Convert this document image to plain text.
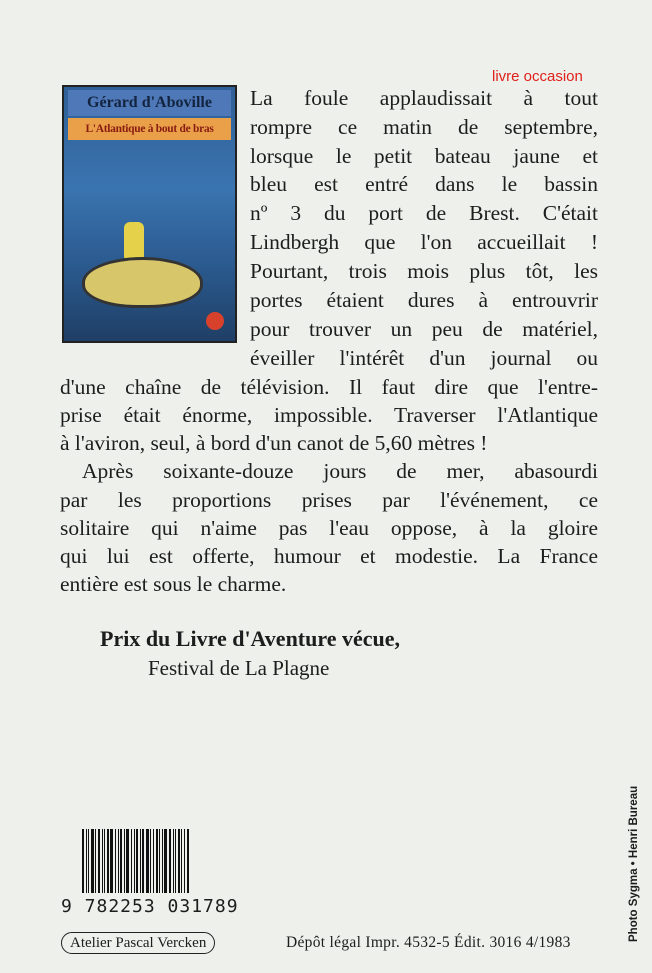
livre occasion
Gérard d'Aboville
L'Atlantique à bout de bras
La foule applaudissait à tout
rompre ce matin de septembre,
lorsque le petit bateau jaune et
bleu est entré dans le bassin
nº 3 du port de Brest. C'était
Lindbergh que l'on accueillait !
Pourtant, trois mois plus tôt, les
portes étaient dures à entrouvrir
pour trouver un peu de matériel,
éveiller l'intérêt d'un journal ou
d'une chaîne de télévision. Il faut dire que l'entre-
prise était énorme, impossible. Traverser l'Atlantique
à l'aviron, seul, à bord d'un canot de 5,60 mètres !
Après soixante-douze jours de mer, abasourdi
par les proportions prises par l'événement, ce
solitaire qui n'aime pas l'eau oppose, à la gloire
qui lui est offerte, humour et modestie. La France
entière est sous le charme.
Prix du Livre d'Aventure vécue,
Festival de La Plagne
9 782253 031789
Atelier Pascal Vercken	Dépôt légal Impr. 4532-5 Édit. 3016 4/1983
Photo Sygma • Henri Bureau
